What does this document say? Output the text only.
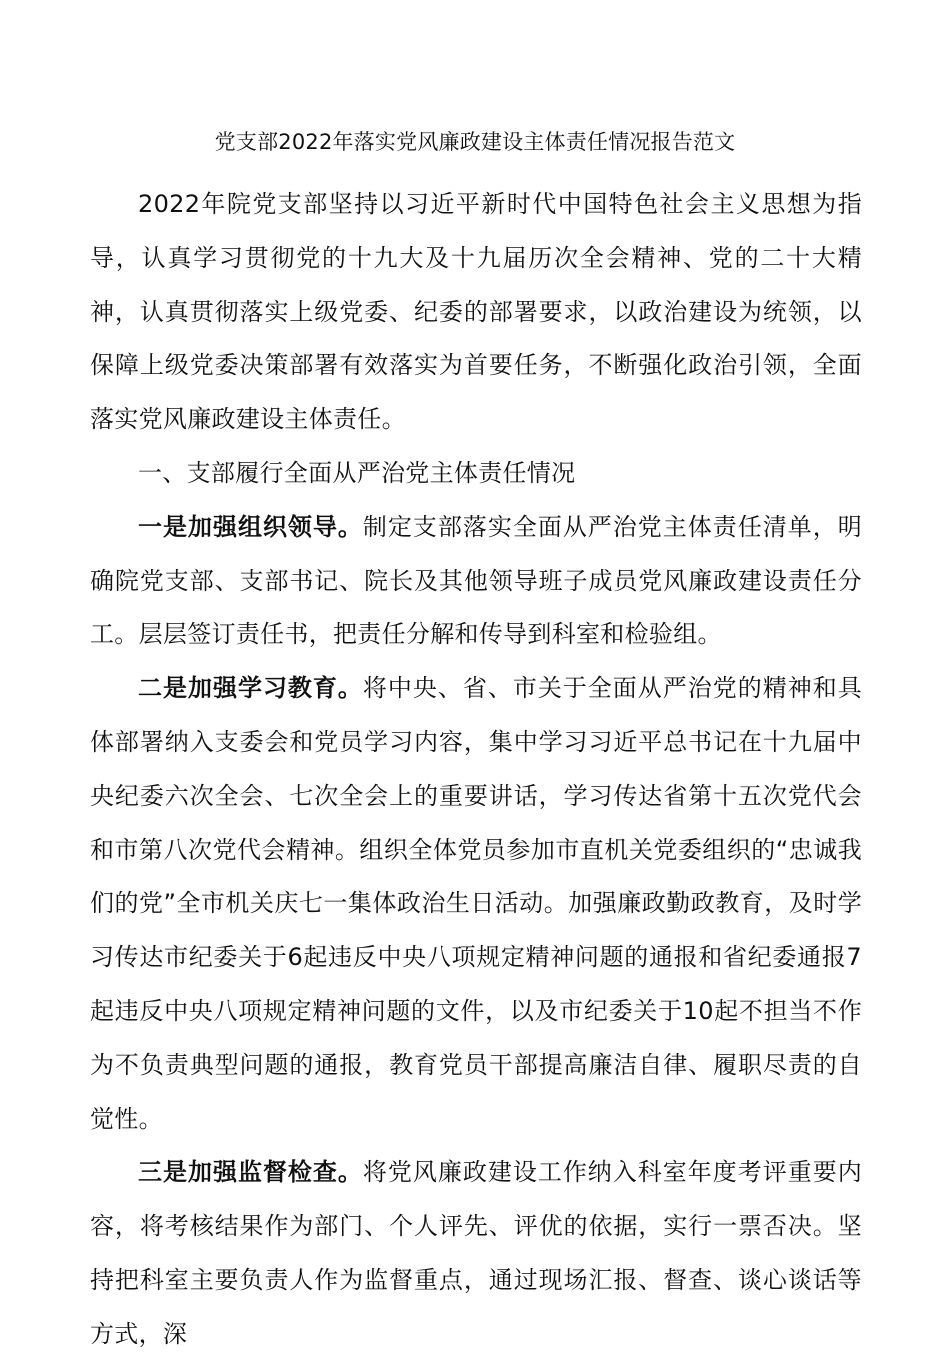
党支部2022年落实党风廉政建设主体责任情况报告范文

2022年院党支部坚持以习近平新时代中国特色社会主义思想为指导，认真学习贯彻党的十九大及十九届历次全会精神、党的二十大精神，认真贯彻落实上级党委、纪委的部署要求，以政治建设为统领，以保障上级党委决策部署有效落实为首要任务，不断强化政治引领，全面落实党风廉政建设主体责任。

一、支部履行全面从严治党主体责任情况

一是加强组织领导。制定支部落实全面从严治党主体责任清单，明确院党支部、支部书记、院长及其他领导班子成员党风廉政建设责任分工。层层签订责任书，把责任分解和传导到科室和检验组。

二是加强学习教育。将中央、省、市关于全面从严治党的精神和具体部署纳入支委会和党员学习内容，集中学习习近平总书记在十九届中央纪委六次全会、七次全会上的重要讲话，学习传达省第十五次党代会和市第八次党代会精神。组织全体党员参加市直机关党委组织的“忠诚我们的党”全市机关庆七一集体政治生日活动。加强廉政勤政教育，及时学习传达市纪委关于6起违反中央八项规定精神问题的通报和省纪委通报7起违反中央八项规定精神问题的文件，以及市纪委关于10起不担当不作为不负责典型问题的通报，教育党员干部提高廉洁自律、履职尽责的自觉性。

三是加强监督检查。将党风廉政建设工作纳入科室年度考评重要内容，将考核结果作为部门、个人评先、评优的依据，实行一票否决。坚持把科室主要负责人作为监督重点，通过现场汇报、督查、谈心谈话等方式，深
